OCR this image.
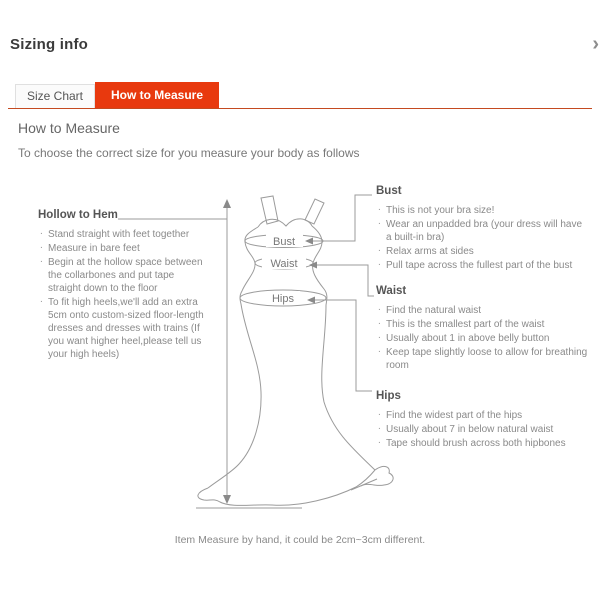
Sizing info	›
Size Chart	How to Measure
How to Measure
To choose the correct size for you measure your body as follows
Bust
Waist
Hips
Hollow to Hem
. Stand straight with feet together
. Measure in bare feet
. Begin at the hollow space between the collarbones and put tape straight down to the floor
. To fit high heels,we'll add an extra 5cm onto custom-sized floor-length dresses and dresses with trains (If you want higher heel,please tell us your high heels)
Bust
. This is not your bra size!
. Wear an unpadded bra (your dress will have a built-in bra)
. Relax arms at sides
. Pull tape across the fullest part of the bust
Waist
. Find the natural waist
. This is the smallest part of the waist
. Usually about 1 in above belly button
. Keep tape slightly loose to allow for breathing room
Hips
. Find the widest part of the hips
. Usually about 7 in below natural waist
. Tape should brush across both hipbones
Item Measure by hand, it could be 2cm~3cm different.
